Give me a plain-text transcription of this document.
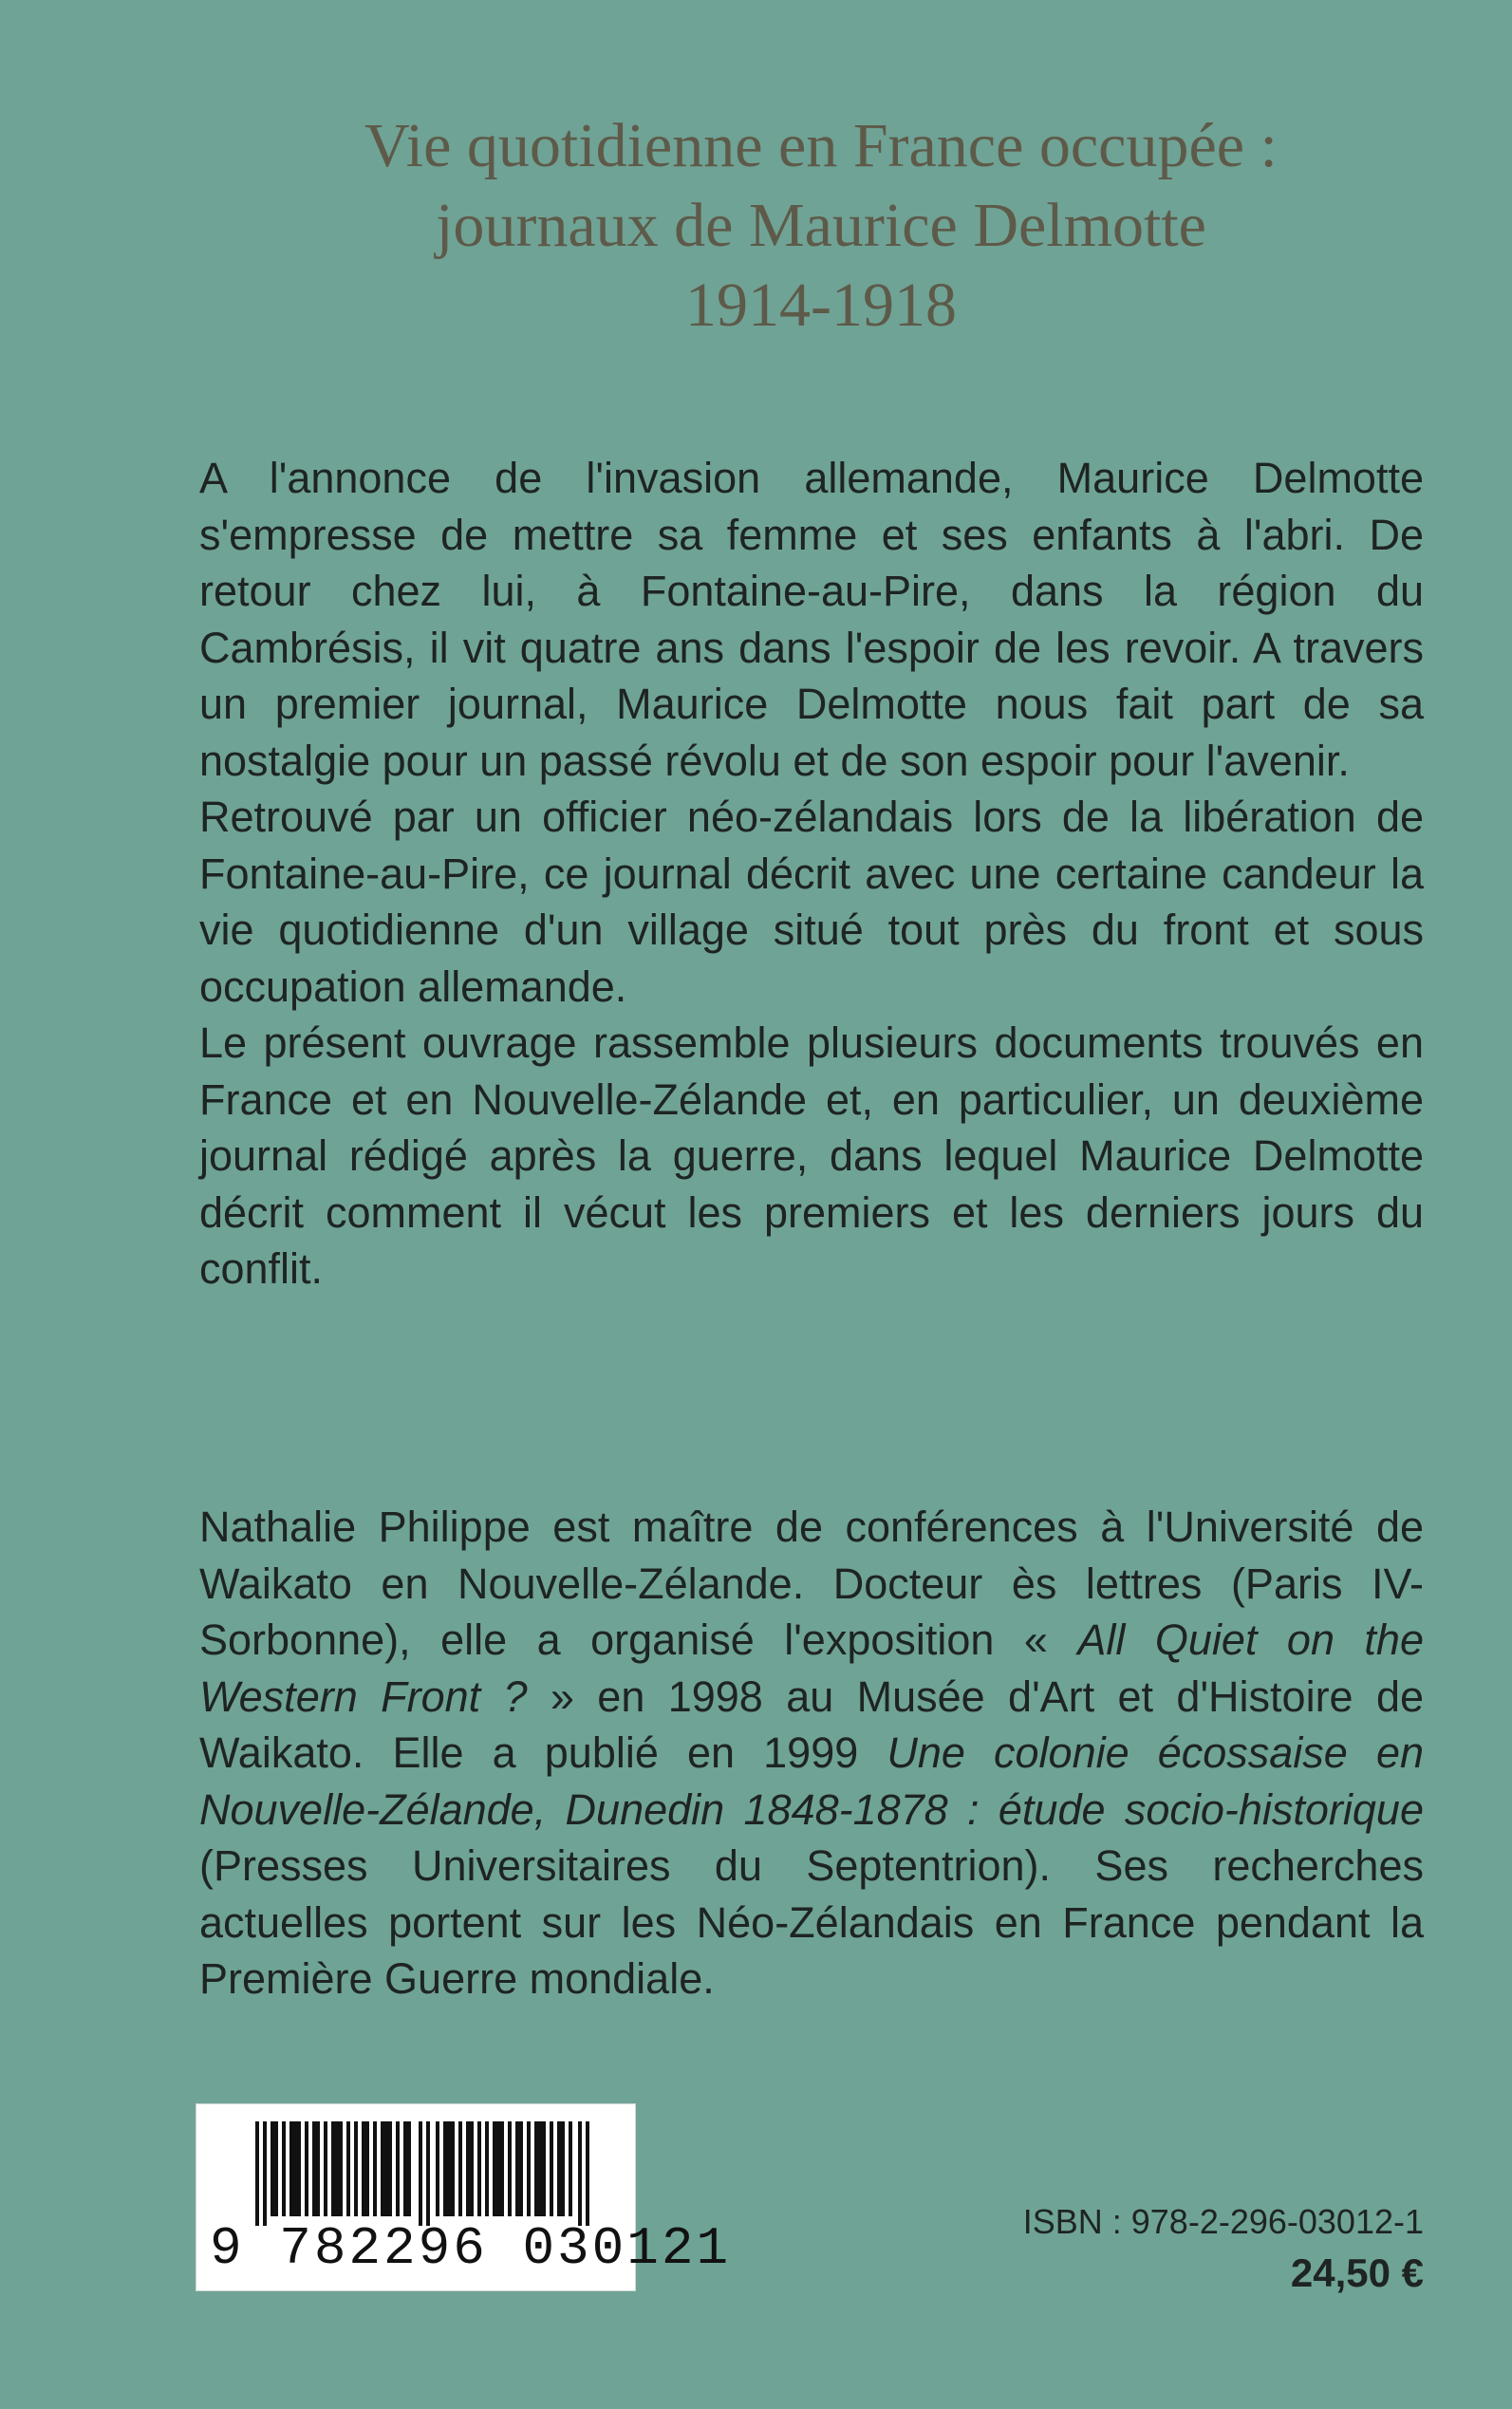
Vie quotidienne en France occupée :
journaux de Maurice Delmotte
1914-1918

A l'annonce de l'invasion allemande, Maurice Delmotte s'empresse de mettre sa femme et ses enfants à l'abri. De retour chez lui, à Fontaine-au-Pire, dans la région du Cambrésis, il vit quatre ans dans l'espoir de les revoir. A travers un premier journal, Maurice Delmotte nous fait part de sa nostalgie pour un passé révolu et de son espoir pour l'avenir.

Retrouvé par un officier néo-zélandais lors de la libération de Fontaine-au-Pire, ce journal décrit avec une certaine candeur la vie quotidienne d'un village situé tout près du front et sous occupation allemande.

Le présent ouvrage rassemble plusieurs documents trouvés en France et en Nouvelle-Zélande et, en particulier, un deuxième journal rédigé après la guerre, dans lequel Maurice Delmotte décrit comment il vécut les premiers et les derniers jours du conflit.

Nathalie Philippe est maître de conférences à l'Université de Waikato en Nouvelle-Zélande. Docteur ès lettres (Paris IV-Sorbonne), elle a organisé l'exposition « All Quiet on the Western Front ? » en 1998 au Musée d'Art et d'Histoire de Waikato. Elle a publié en 1999 Une colonie écossaise en Nouvelle-Zélande, Dunedin 1848-1878 : étude socio-historique (Presses Universitaires du Septentrion). Ses recherches actuelles portent sur les Néo-Zélandais en France pendant la Première Guerre mondiale.

9 782296 030121	ISBN : 978-2-296-03012-1
24,50 €
